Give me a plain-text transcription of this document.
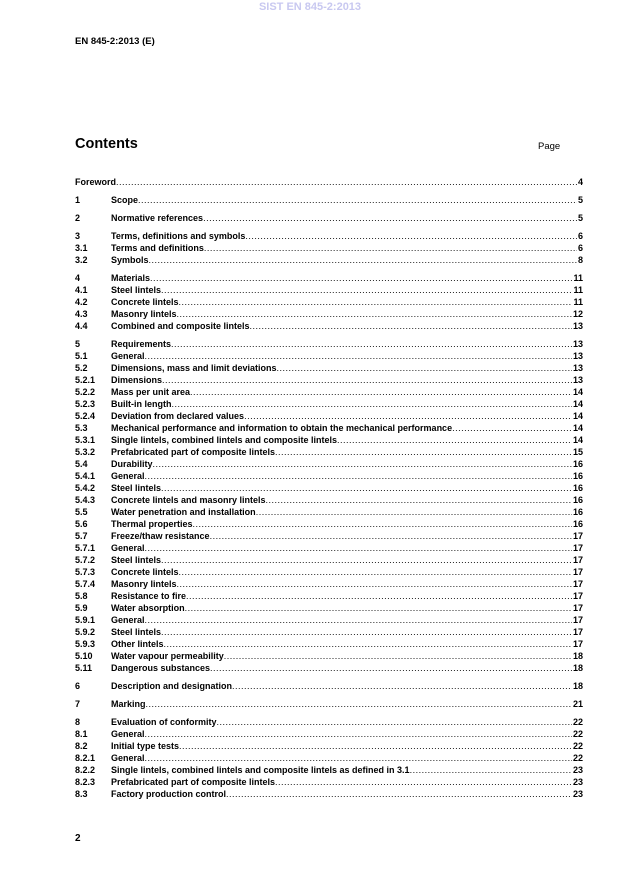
SIST EN 845-2:2013
EN 845-2:2013 (E)
Contents	Page
Foreword .....	4
1	Scope .....	5
2	Normative references .....	5
3	Terms, definitions and symbols .....	6
3.1	Terms and definitions .....	6
3.2	Symbols .....	8
4	Materials .....	11
4.1	Steel lintels .....	11
4.2	Concrete lintels .....	11
4.3	Masonry lintels .....	12
4.4	Combined and composite lintels .....	13
5	Requirements .....	13
5.1	General .....	13
5.2	Dimensions, mass and limit deviations .....	13
5.2.1	Dimensions .....	13
5.2.2	Mass per unit area .....	14
5.2.3	Built-in length .....	14
5.2.4	Deviation from declared values .....	14
5.3	Mechanical performance and information to obtain the mechanical performance .....	14
5.3.1	Single lintels, combined lintels and composite lintels .....	14
5.3.2	Prefabricated part of composite lintels .....	15
5.4	Durability .....	16
5.4.1	General .....	16
5.4.2	Steel lintels .....	16
5.4.3	Concrete lintels and masonry lintels .....	16
5.5	Water penetration and installation .....	16
5.6	Thermal properties .....	16
5.7	Freeze/thaw resistance .....	17
5.7.1	General .....	17
5.7.2	Steel lintels .....	17
5.7.3	Concrete lintels .....	17
5.7.4	Masonry lintels .....	17
5.8	Resistance to fire .....	17
5.9	Water absorption .....	17
5.9.1	General .....	17
5.9.2	Steel lintels .....	17
5.9.3	Other lintels .....	17
5.10	Water vapour permeability .....	18
5.11	Dangerous substances .....	18
6	Description and designation .....	18
7	Marking .....	21
8	Evaluation of conformity .....	22
8.1	General .....	22
8.2	Initial type tests .....	22
8.2.1	General .....	22
8.2.2	Single lintels, combined lintels and composite lintels as defined in 3.1 .....	23
8.2.3	Prefabricated part of composite lintels .....	23
8.3	Factory production control .....	23
2
